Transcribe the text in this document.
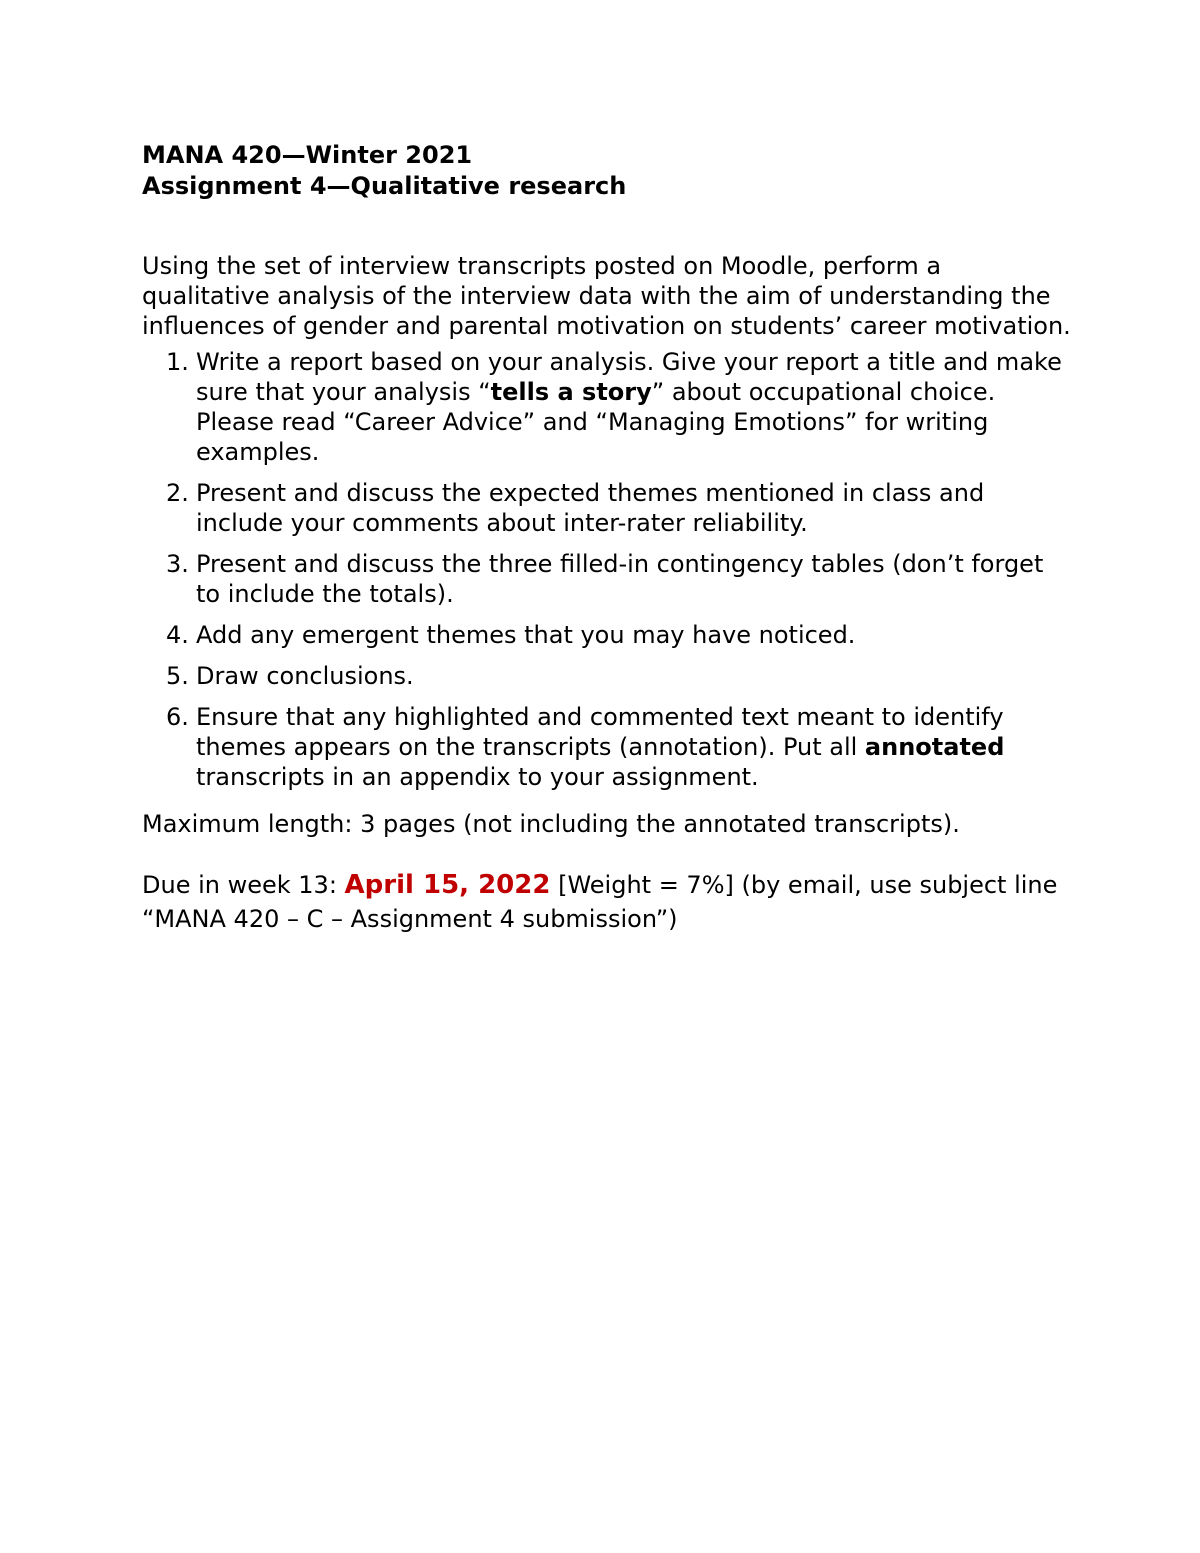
MANA 420—Winter 2021

Assignment 4—Qualitative research

Using the set of interview transcripts posted on Moodle, perform a qualitative analysis of the interview data with the aim of understanding the influences of gender and parental motivation on students’ career motivation.

1. Write a report based on your analysis. Give your report a title and make sure that your analysis “tells a story” about occupational choice. Please read “Career Advice” and “Managing Emotions” for writing examples.
2. Present and discuss the expected themes mentioned in class and include your comments about inter-rater reliability.
3. Present and discuss the three filled-in contingency tables (don’t forget to include the totals).
4. Add any emergent themes that you may have noticed.
5. Draw conclusions.
6. Ensure that any highlighted and commented text meant to identify themes appears on the transcripts (annotation). Put all annotated transcripts in an appendix to your assignment.

Maximum length: 3 pages (not including the annotated transcripts).

Due in week 13: April 15, 2022 [Weight = 7%] (by email, use subject line “MANA 420 – C – Assignment 4 submission”)
